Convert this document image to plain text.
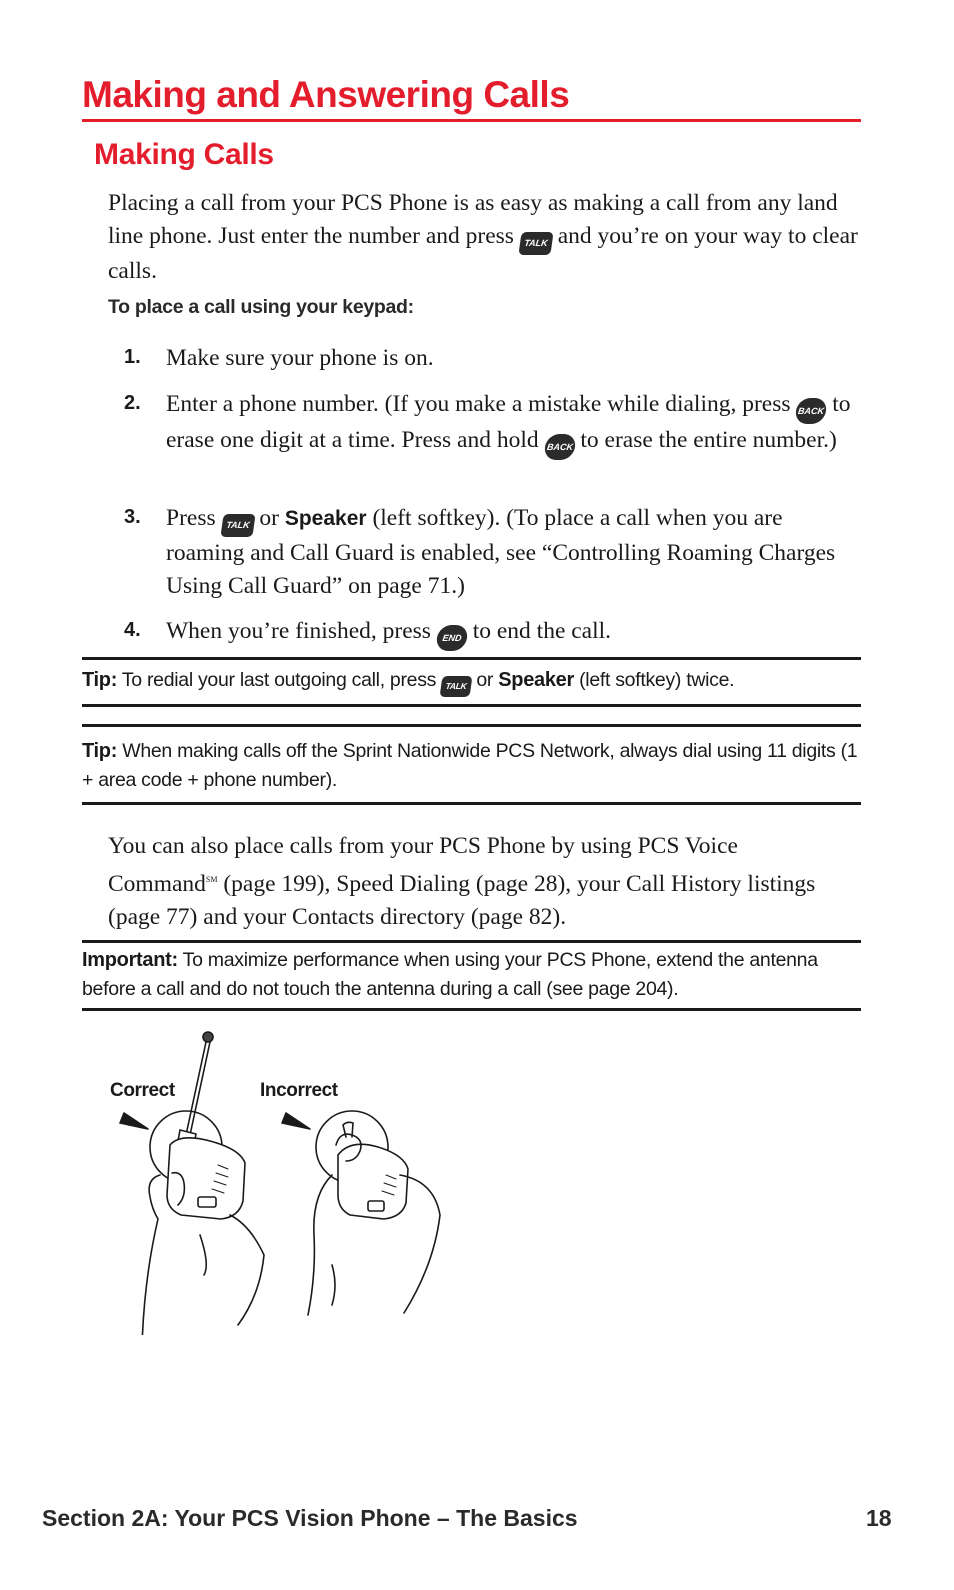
Making and Answering Calls
Making Calls
Placing a call from your PCS Phone is as easy as making a call from any land line phone. Just enter the number and press TALK and you’re on your way to clear calls.
To place a call using your keypad:
1. Make sure your phone is on.
2. Enter a phone number. (If you make a mistake while dialing, press BACK to erase one digit at a time. Press and hold BACK to erase the entire number.)
3. Press TALK or Speaker (left softkey). (To place a call when you are roaming and Call Guard is enabled, see “Controlling Roaming Charges Using Call Guard” on page 71.)
4. When you’re finished, press END to end the call.
Tip: To redial your last outgoing call, press TALK or Speaker (left softkey) twice.
Tip: When making calls off the Sprint Nationwide PCS Network, always dial using 11 digits (1 + area code + phone number).
You can also place calls from your PCS Phone by using PCS Voice Command℠ (page 199), Speed Dialing (page 28), your Call History listings (page 77) and your Contacts directory (page 82).
Important: To maximize performance when using your PCS Phone, extend the antenna before a call and do not touch the antenna during a call (see page 204).
Correct	Incorrect
Section 2A: Your PCS Vision Phone – The Basics	18
